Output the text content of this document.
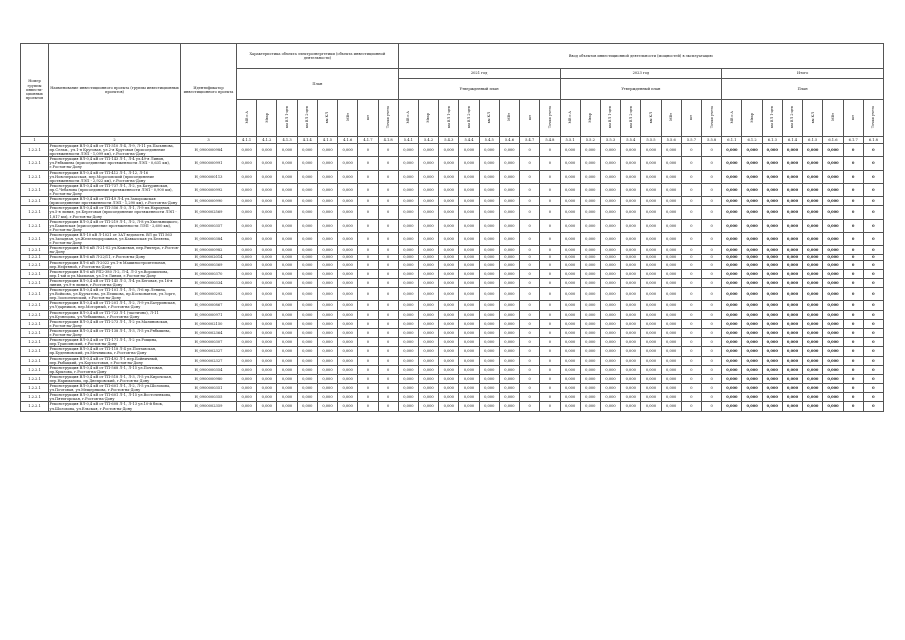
Номер группы инвести-ционных проектов	Наименование инвестиционного проекта (группы инвестиционных проектов)	Идентификатор инвестиционного проекта	Характеристика объекта электроэнергетики (объекта инвестиционной деятельности)								Ввод объектов инвестиционной деятельности (мощностей) в эксплуатацию																							
			План								2021 год								2023 год								Итого							
											Утвержденный план								Утвержденный план								План							
			МВ×А	Мвар	км ВЛ 1-цеп	км ВЛ 2-цеп	км КЛ	МВт	шт	Точки учета	МВ×А	Мвар	км ВЛ 1-цеп	км ВЛ 2-цеп	км КЛ	МВт	шт	Точки учета	МВ×А	Мвар	км ВЛ 1-цеп	км ВЛ 2-цеп	км КЛ	МВт	шт	Точки учета	МВ×А	Мвар	км ВЛ 1-цеп	км ВЛ 2-цеп	км КЛ	МВт	шт	Точки учета
1	2	3	4.1.1	4.1.2	4.1.3	4.1.4	4.1.5	4.1.6	4.1.7	4.1.8	5.4.1	5.4.2	5.4.3	5.4.4	5.4.5	5.4.6	5.4.7	5.4.8	5.5.1	5.5.2	5.5.3	5.5.4	5.5.5	5.5.6	5.5.7	5.5.8	6.1.1	6.1.2	6.1.3	6.1.4	6.1.5	6.1.6	6.1.7	6.1.8
1.2.2.1	Реконструкция ВЛ-0,4 кВ от ТП-310 Л-4, Л-9, Л-11 ул.Пасьянова, пр.Сельм., ул.1-я Круговая, ул.2-я Круговая (присоединение протяженности ЛЭП - 1,099 км), г.Ростов-на-Дону	Н_0900000984	0,000	0,000	0,000	0,000	0,000	0,000	0	0	0,000	0,000	0,000	0,000	0,000	0,000	0	0	0,000	0,000	0,000	0,000	0,000	0,000	0	0	0,000	0,000	0,000	0,000	0,000	0,000	0	0
1.2.2.1	Реконструкция ВЛ-0,4 кВ от ТП-143 Л-1, Л-4 ул.49-я Линия, ул.Рябышева (присоединение протяженности ЛЭП - 0,631 км), г.Ростов-на-Дону	Н_0900000991	0,000	0,000	0,000	0,000	0,000	0,000	0	0	0,000	0,000	0,000	0,000	0,000	0,000	0	0	0,000	0,000	0,000	0,000	0,000	0,000	0	0	0,000	0,000	0,000	0,000	0,000	0,000	0	0
1.2.2.1	Реконструкция ВЛ-0,4 кВ от ТП-412 Л-1, Л-12, Л-16 ул.Новочеркасская, пер.Морозовский (присоединение протяженности ЛЭП - 2,922 км), г.Ростов-на-Дону	Н_0900000113	0,000	0,000	0,000	0,000	0,000	0,000	0	0	0,000	0,000	0,000	0,000	0,000	0,000	0	0	0,000	0,000	0,000	0,000	0,000	0,000	0	0	0,000	0,000	0,000	0,000	0,000	0,000	0	0
1.2.2.1	Реконструкция ВЛ-0,4 кВ от ТП-737 Л-1, Л-2, ул.Батуринская, пр.С.Чебанова (присоединение протяженности ЛЭП - 0,900 км), г.Ростов-на-Дону	Н_0900000992	0,000	0,000	0,000	0,000	0,000	0,000	0	0	0,000	0,000	0,000	0,000	0,000	0,000	0	0	0,000	0,000	0,000	0,000	0,000	0,000	0	0	0,000	0,000	0,000	0,000	0,000	0,000	0	0
1.2.2.1	Реконструкция ВЛ-0,4 кВ от ТП-49 Л-4 ул.Запорожская (присоединение протяженности ЛЭП - 1,290 км), г.Ростов-на-Дону	Н_0900000990	0,000	0,000	0,000	0,000	0,000	0,000	0	0	0,000	0,000	0,000	0,000	0,000	0,000	0	0	0,000	0,000	0,000	0,000	0,000	0,000	0	0	0,000	0,000	0,000	0,000	0,000	0,000	0	0
1.2.2.1	Реконструкция ВЛ-0,4 кВ от ТП-356 Л-3, Л-1, Л-9 пл.Народная, ул.5-я линия, ул.Береговая (присоединение протяженности ЛЭП - 1,817 км), г.Ростов-на-Дону	Н_0900002569	0,000	0,000	0,000	0,000	0,000	0,000	0	0	0,000	0,000	0,000	0,000	0,000	0,000	0	0	0,000	0,000	0,000	0,000	0,000	0,000	0	0	0,000	0,000	0,000	0,000	0,000	0,000	0	0
1.2.2.1	Реконструкция ВЛ-0,4 кВ от ТП-219 Л-1, Л-2, Л-8 ул.Хмельницкого, ул.Бакинская (присоединение протяженности ЛЭП - 2,600 км), г.Ростов-на-Дону	Н_0900000357	0,000	0,000	0,000	0,000	0,000	0,000	0	0	0,000	0,000	0,000	0,000	0,000	0,000	0	0	0,000	0,000	0,000	0,000	0,000	0,000	0	0	0,000	0,000	0,000	0,000	0,000	0,000	0	0
1.2.2.1	Реконструкция ВЛ-10 кВ Л-1021 от ЗАТ ведомств. ВЛ до ТП 563 ул.Западная, ул.Железнодорожная, ул.Кавказская ул.Беляева, г.Ростов-на-Дону	Н_0900000384	0,000	0,000	0,000	0,000	0,000	0,000	0	0	0,000	0,000	0,000	0,000	0,000	0,000	0	0	0,000	0,000	0,000	0,000	0,000	0,000	0	0	0,000	0,000	0,000	0,000	0,000	0,000	0	0
1.2.2.1	Реконструкция ВЛ-6 кВ Л-21-02 ул.Кожевая, пер.Рихтера, г.Ростов-на-Дону	Н_0900000982	0,000	0,000	0,000	0,000	0,000	0,000	0	0	0,000	0,000	0,000	0,000	0,000	0,000	0	0	0,000	0,000	0,000	0,000	0,000	0,000	0	0	0,000	0,000	0,000	0,000	0,000	0,000	0	0
1.2.2.1	Реконструкция ВЛ-6 кВ Л-22/11, г.Ростов-на-Дону	Н_0900002014	0,000	0,000	0,000	0,000	0,000	0,000	0	0	0,000	0,000	0,000	0,000	0,000	0,000	0	0	0,000	0,000	0,000	0,000	0,000	0,000	0	0	0,000	0,000	0,000	0,000	0,000	0,000	0	0
1.2.2.1	Реконструкция ВЛ-6 кВ Л-2022 ул.1-я Машиностроительная, пер.Нефтяной, г.Ростов-на-Дону	Н_0900000369	0,000	0,000	0,000	0,000	0,000	0,000	0	0	0,000	0,000	0,000	0,000	0,000	0,000	0	0	0,000	0,000	0,000	0,000	0,000	0,000	0	0	0,000	0,000	0,000	0,000	0,000	0,000	0	0
1.2.2.1	Реконструкция ВЛ-6 кВ РП2-380 Л-2, Л-4, Л-3 ул.Ворошилова, пер.1-ый и ул.Мыльная, ул.1-я Линия, г.Ростов-на-Дону	Н_0900000370	0,000	0,000	0,000	0,000	0,000	0,000	0	0	0,000	0,000	0,000	0,000	0,000	0,000	0	0	0,000	0,000	0,000	0,000	0,000	0,000	0	0	0,000	0,000	0,000	0,000	0,000	0,000	0	0
1.2.2.1	Реконструкция ВЛ-0,4 кВ от ТП-145 Л-3, Л-4 ул.Беговая, ул.16-я линия, ул.9-я линия, г.Ростов-на-Дону	Н_0900000334	0,000	0,000	0,000	0,000	0,000	0,000	0	0	0,000	0,000	0,000	0,000	0,000	0,000	0	0	0,000	0,000	0,000	0,000	0,000	0,000	0	0	0,000	0,000	0,000	0,000	0,000	0,000	0	0
1.2.2.1	Реконструкция ВЛ-0,4 кВ от ТП-101 Л-1, Л-5, Л-6 пр.Ленина, ул.Войкова, ул.Курчатова, ул.Пешкова, пр.Космонавтов, ул.Зорге, пер.Зоологический, г.Ростов-на-Дону	Н_0900000292	0,000	0,000	0,000	0,000	0,000	0,000	0	0	0,000	0,000	0,000	0,000	0,000	0,000	0	0	0,000	0,000	0,000	0,000	0,000	0,000	0	0	0,000	0,000	0,000	0,000	0,000	0,000	0	0
1.2.2.1	Реконструкция ВЛ-0,4 кВ от ТП-201 Л-1, Л-2, Л-9 ул.Батуринская, ул.Ударников, пер.Моторный, г.Ростов-на-Дону	Н_0900000867	0,000	0,000	0,000	0,000	0,000	0,000	0	0	0,000	0,000	0,000	0,000	0,000	0,000	0	0	0,000	0,000	0,000	0,000	0,000	0,000	0	0	0,000	0,000	0,000	0,000	0,000	0,000	0	0
1.2.2.1	Реконструкция ВЛ-0,4 кВ от ТП-723 Л-1 (частично), Л-11 ул.Кузнецова, ул.Чебышевка, г.Ростов-на-Дону	Н_0900000971	0,000	0,000	0,000	0,000	0,000	0,000	0	0	0,000	0,000	0,000	0,000	0,000	0,000	0	0	0,000	0,000	0,000	0,000	0,000	0,000	0	0	0,000	0,000	0,000	0,000	0,000	0,000	0	0
1.2.2.1	Реконструкция ВЛ-0,4 кВ от ТП-273 Л-1, Л-2 ул.Малиновская, г.Ростов-на-Дону	Н_0900002150	0,000	0,000	0,000	0,000	0,000	0,000	0	0	0,000	0,000	0,000	0,000	0,000	0,000	0	0	0,000	0,000	0,000	0,000	0,000	0,000	0	0	0,000	0,000	0,000	0,000	0,000	0,000	0	0
1.2.2.1	Реконструкция ВЛ-0,4 кВ от ТП-138 Л-1, Л-3, Л-5 ул.Рябышева, г.Ростов-на-Дону	Н_0900002364	0,000	0,000	0,000	0,000	0,000	0,000	0	0	0,000	0,000	0,000	0,000	0,000	0,000	0	0	0,000	0,000	0,000	0,000	0,000	0,000	0	0	0,000	0,000	0,000	0,000	0,000	0,000	0	0
1.2.2.1	Реконструкция ВЛ-0,4 кВ от ТП-171 Л-1, Л-2 ул.Рощина, пер.Туапсинский, г.Ростов-на-Дону	Н_0900000307	0,000	0,000	0,000	0,000	0,000	0,000	0	0	0,000	0,000	0,000	0,000	0,000	0,000	0	0	0,000	0,000	0,000	0,000	0,000	0,000	0	0	0,000	0,000	0,000	0,000	0,000	0,000	0	0
1.2.2.1	Реконструкция ВЛ-0,4 кВ от ТП-118 Л-4 ул.Полтавская, пр.Буденновский, ул.Мечникова, г.Ростов-на-Дону	Н_0900002327	0,000	0,000	0,000	0,000	0,000	0,000	0	0	0,000	0,000	0,000	0,000	0,000	0,000	0	0	0,000	0,000	0,000	0,000	0,000	0,000	0	0	0,000	0,000	0,000	0,000	0,000	0,000	0	0
1.2.2.1	Реконструкция ВЛ-0,4 кВ от ТП-492 Л-1 пер.Бойничный, пер.Рыбацкий, ул.Кортастовая, г.Ростов-на-Дону	Н_0900002327	0,000	0,000	0,000	0,000	0,000	0,000	0	0	0,000	0,000	0,000	0,000	0,000	0,000	0	0	0,000	0,000	0,000	0,000	0,000	0,000	0	0	0,000	0,000	0,000	0,000	0,000	0,000	0	0
1.2.2.1	Реконструкция ВЛ-0,4 кВ от ТП-568 Л-1, Л-15 ул.Почтовая, пр.Крылова, г.Ростов-на-Дону	Н_0900000354	0,000	0,000	0,000	0,000	0,000	0,000	0	0	0,000	0,000	0,000	0,000	0,000	0,000	0	0	0,000	0,000	0,000	0,000	0,000	0,000	0	0	0,000	0,000	0,000	0,000	0,000	0,000	0	0
1.2.2.1	Реконструкция ВЛ-0,4 кВ от ТП-518 Л-1, Л-3, Л-5 ул.Кирочская, пер.Нариманова, пр.Днепровский, г.Ростов-на-Дону	Н_0900000980	0,000	0,000	0,000	0,000	0,000	0,000	0	0	0,000	0,000	0,000	0,000	0,000	0,000	0	0	0,000	0,000	0,000	0,000	0,000	0,000	0	0	0,000	0,000	0,000	0,000	0,000	0,000	0	0
1.2.2.1	Реконструкция ВЛ-0,4 кВ от ТП-601 Л-1, Л-2, Л-5 ул.Шолохова, ул.Почтовая, ул.Мещерякова, г.Ростов-на-Дону	Н_0900000351	0,000	0,000	0,000	0,000	0,000	0,000	0	0	0,000	0,000	0,000	0,000	0,000	0,000	0	0	0,000	0,000	0,000	0,000	0,000	0,000	0	0	0,000	0,000	0,000	0,000	0,000	0,000	0	0
1.2.2.1	Реконструкция ВЛ-0,4 кВ от ТП-601 Л-1, Л-15 ул.Восточенкова, ул.Пятигорская, г.Ростов-на-Дону	Н_0900000355	0,000	0,000	0,000	0,000	0,000	0,000	0	0	0,000	0,000	0,000	0,000	0,000	0,000	0	0	0,000	0,000	0,000	0,000	0,000	0,000	0	0	0,000	0,000	0,000	0,000	0,000	0,000	0	0
1.2.2.1	Реконструкция ВЛ-0,4 кВ от ТП-608 Л-1, Л-13 ул.10-й блок, ул.Шолохова, ул.Ельская, г.Ростов-на-Дону	Н_0900002359	0,000	0,000	0,000	0,000	0,000	0,000	0	0	0,000	0,000	0,000	0,000	0,000	0,000	0	0	0,000	0,000	0,000	0,000	0,000	0,000	0	0	0,000	0,000	0,000	0,000	0,000	0,000	0	0
